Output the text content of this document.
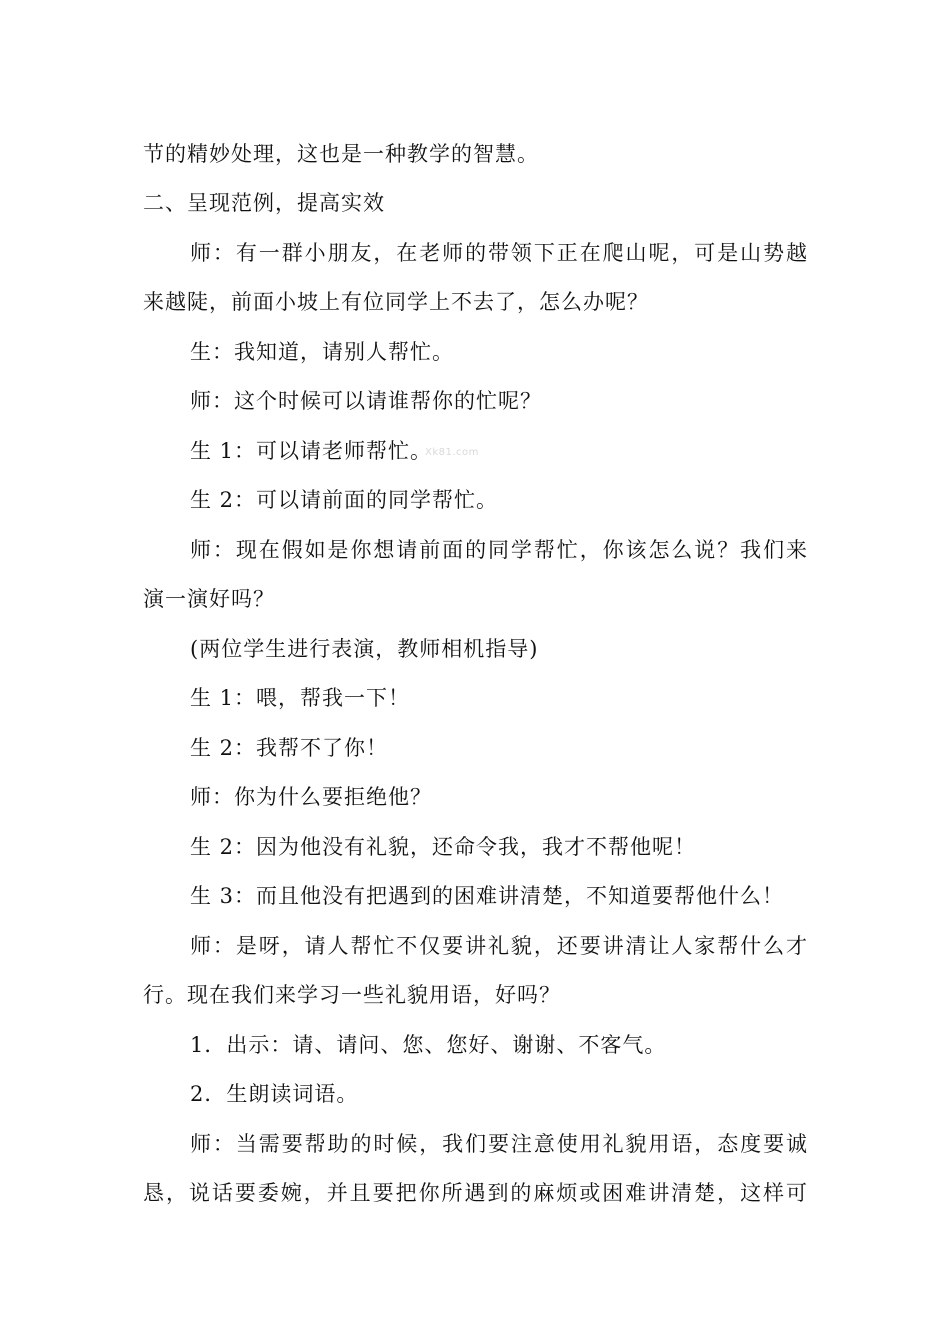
节的精妙处理，这也是一种教学的智慧。
二、呈现范例，提高实效
师：有一群小朋友，在老师的带领下正在爬山呢，可是山势越
来越陡，前面小坡上有位同学上不去了，怎么办呢？
生：我知道，请别人帮忙。
师：这个时候可以请谁帮你的忙呢？
生 1：可以请老师帮忙。
Xk81.com
生 2：可以请前面的同学帮忙。
师：现在假如是你想请前面的同学帮忙，你该怎么说？我们来
演一演好吗？
(两位学生进行表演，教师相机指导)
生 1：喂，帮我一下！
生 2：我帮不了你！
师：你为什么要拒绝他？
生 2：因为他没有礼貌，还命令我，我才不帮他呢！
生 3：而且他没有把遇到的困难讲清楚，不知道要帮他什么！
师：是呀，请人帮忙不仅要讲礼貌，还要讲清让人家帮什么才
行。现在我们来学习一些礼貌用语，好吗？
1．出示：请、请问、您、您好、谢谢、不客气。
2．生朗读词语。
师：当需要帮助的时候，我们要注意使用礼貌用语，态度要诚
恳，说话要委婉，并且要把你所遇到的麻烦或困难讲清楚，这样可
